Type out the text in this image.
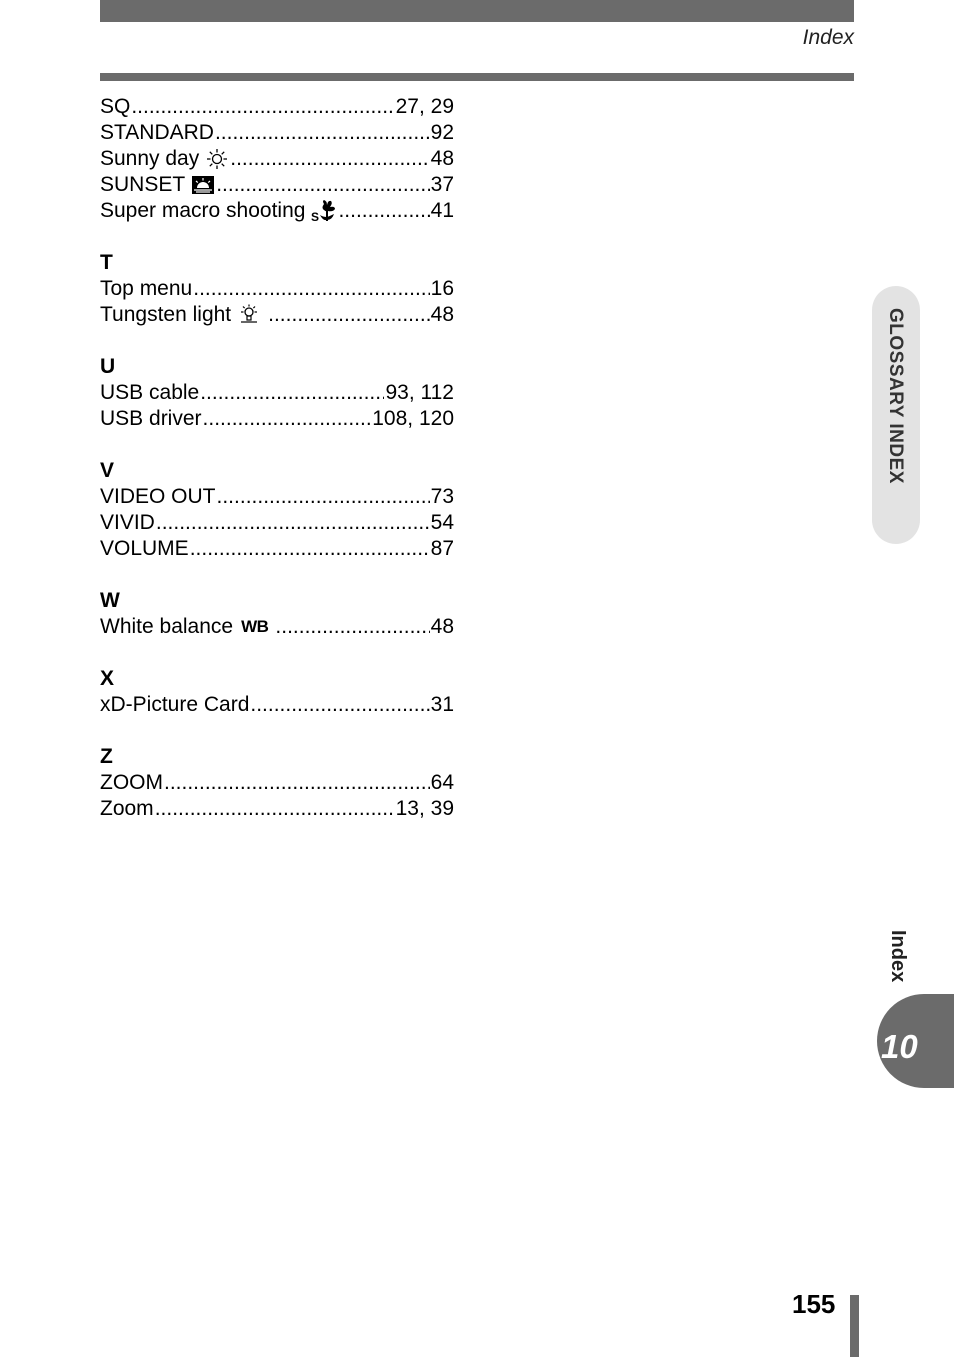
Index
SQ .....	27, 29
STANDARD .....	92
Sunny day .....	48
SUNSET .....	37
Super macro shooting S .....	41
T
Top menu .....	16
Tungsten light .....	48
U
USB cable .....	93, 112
USB driver .....	108, 120
V
VIDEO OUT .....	73
VIVID .....	54
VOLUME .....	87
W
White balance WB .....	48
X
xD-Picture Card .....	31
Z
ZOOM .....	64
Zoom .....	13, 39
GLOSSARY INDEX
Index
10
155
